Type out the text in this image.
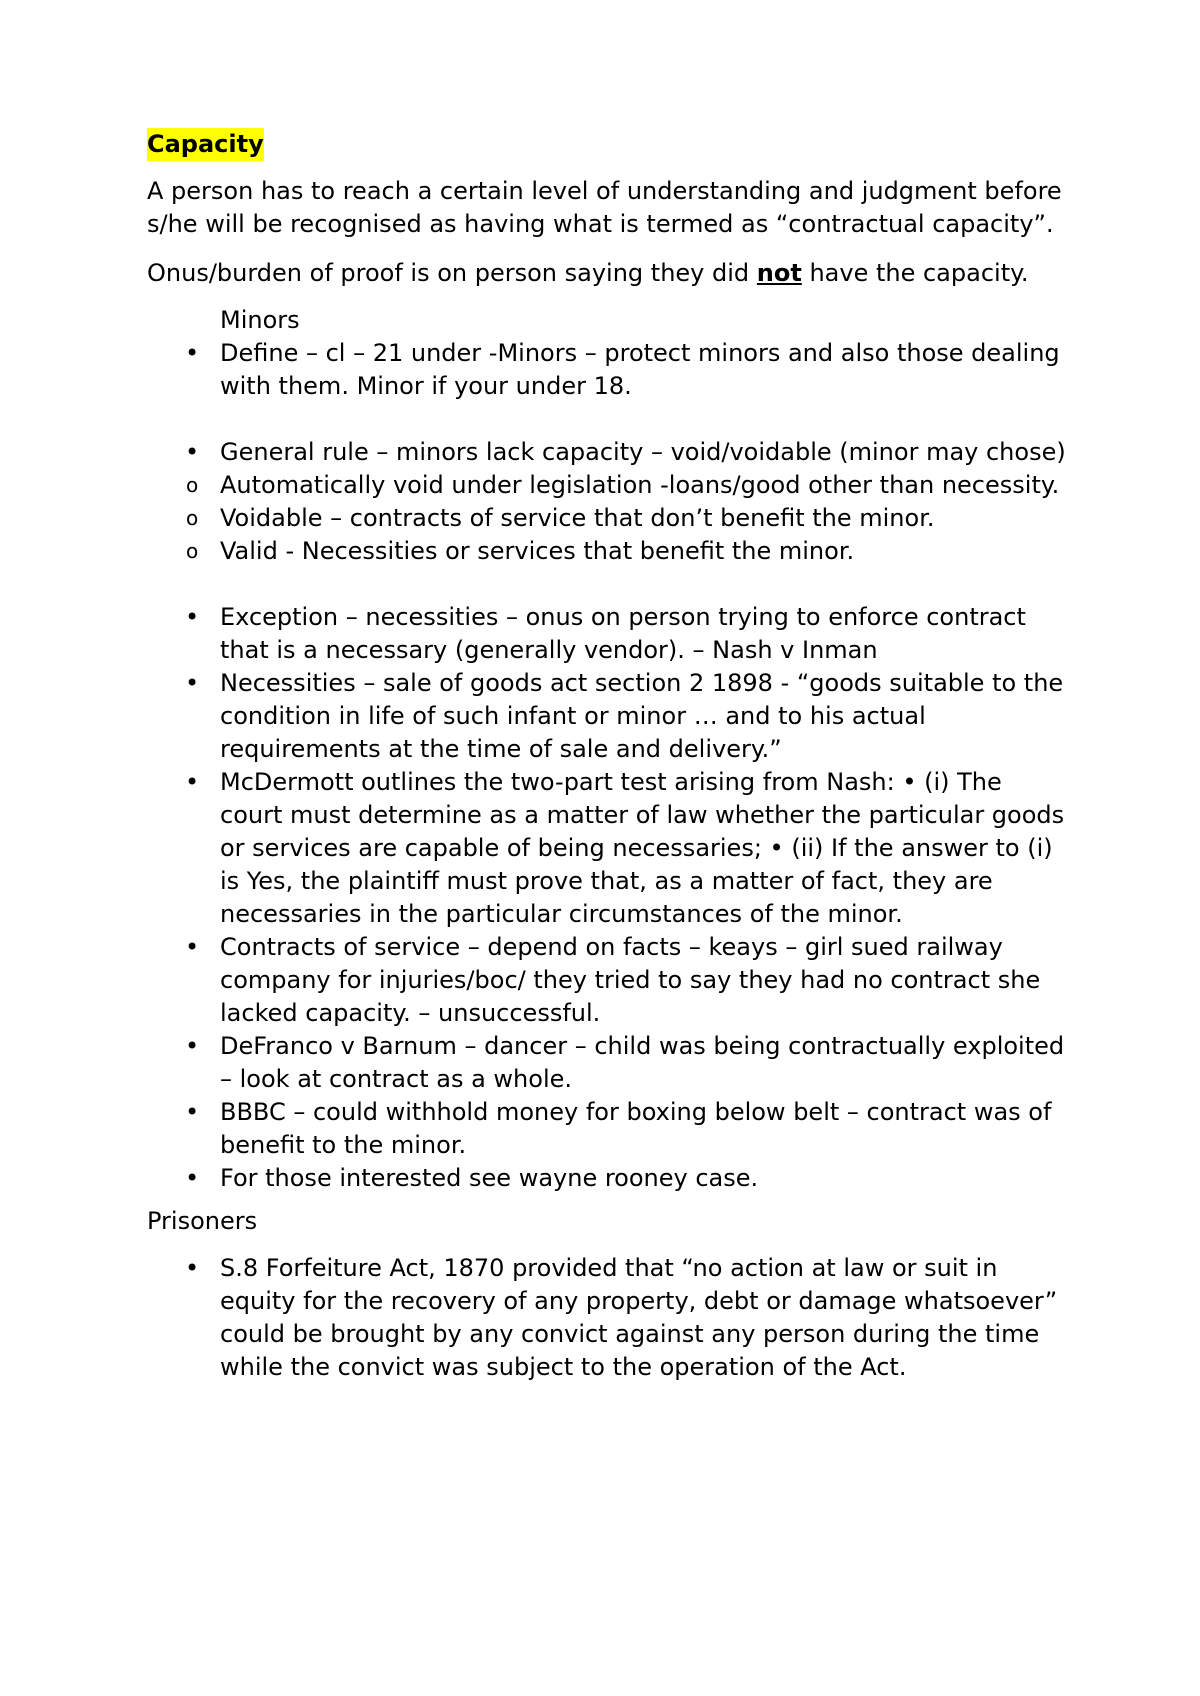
Capacity

A person has to reach a certain level of understanding and judgment before s/he will be recognised as having what is termed as “contractual capacity”.

Onus/burden of proof is on person saying they did not have the capacity.

Minors

• Define – cl – 21 under -Minors – protect minors and also those dealing with them. Minor if your under 18.
• General rule – minors lack capacity – void/voidable (minor may chose)
o Automatically void under legislation -loans/good other than necessity.
o Voidable – contracts of service that don’t benefit the minor.
o Valid - Necessities or services that benefit the minor.
• Exception – necessities – onus on person trying to enforce contract that is a necessary (generally vendor). – Nash v Inman
• Necessities – sale of goods act section 2 1898 - “goods suitable to the condition in life of such infant or minor … and to his actual requirements at the time of sale and delivery.”
• McDermott outlines the two-part test arising from Nash: • (i) The court must determine as a matter of law whether the particular goods or services are capable of being necessaries; • (ii) If the answer to (i) is Yes, the plaintiff must prove that, as a matter of fact, they are necessaries in the particular circumstances of the minor.
• Contracts of service – depend on facts – keays – girl sued railway company for injuries/boc/ they tried to say they had no contract she lacked capacity. – unsuccessful.
• DeFranco v Barnum – dancer – child was being contractually exploited – look at contract as a whole.
• BBBC – could withhold money for boxing below belt – contract was of benefit to the minor.
• For those interested see wayne rooney case.

Prisoners

• S.8 Forfeiture Act, 1870 provided that “no action at law or suit in equity for the recovery of any property, debt or damage whatsoever” could be brought by any convict against any person during the time while the convict was subject to the operation of the Act.
